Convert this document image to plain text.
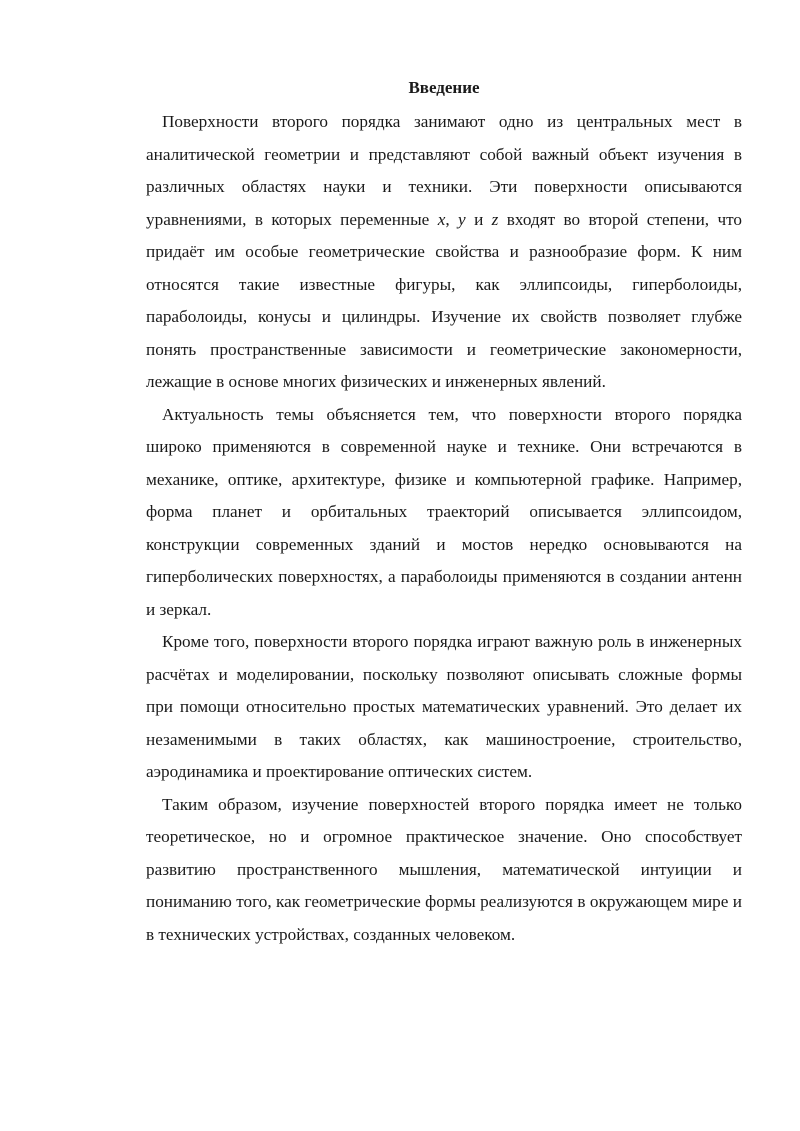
Введение

Поверхности второго порядка занимают одно из центральных мест в аналитической геометрии и представляют собой важный объект изучения в различных областях науки и техники. Эти поверхности описываются уравнениями, в которых переменные x, y и z входят во второй степени, что придаёт им особые геометрические свойства и разнообразие форм. К ним относятся такие известные фигуры, как эллипсоиды, гиперболоиды, параболоиды, конусы и цилиндры. Изучение их свойств позволяет глубже понять пространственные зависимости и геометрические закономерности, лежащие в основе многих физических и инженерных явлений.

Актуальность темы объясняется тем, что поверхности второго порядка широко применяются в современной науке и технике. Они встречаются в механике, оптике, архитектуре, физике и компьютерной графике. Например, форма планет и орбитальных траекторий описывается эллипсоидом, конструкции современных зданий и мостов нередко основываются на гиперболических поверхностях, а параболоиды применяются в создании антенн и зеркал.

Кроме того, поверхности второго порядка играют важную роль в инженерных расчётах и моделировании, поскольку позволяют описывать сложные формы при помощи относительно простых математических уравнений. Это делает их незаменимыми в таких областях, как машиностроение, строительство, аэродинамика и проектирование оптических систем.

Таким образом, изучение поверхностей второго порядка имеет не только теоретическое, но и огромное практическое значение. Оно способствует развитию пространственного мышления, математической интуиции и пониманию того, как геометрические формы реализуются в окружающем мире и в технических устройствах, созданных человеком.
